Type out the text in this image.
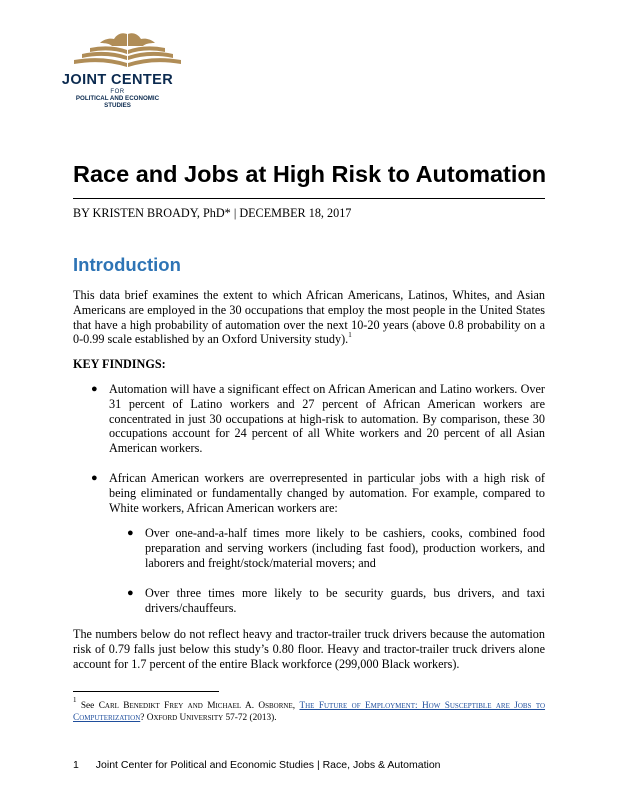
JOINT CENTER
FOR
POLITICAL AND ECONOMIC
STUDIES
Race and Jobs at High Risk to Automation
BY KRISTEN BROADY, PhD* | DECEMBER 18, 2017
Introduction

This data brief examines the extent to which African Americans, Latinos, Whites, and Asian Americans are employed in the 30 occupations that employ the most people in the United States that have a high probability of automation over the next 10-20 years (above 0.8 probability on a 0-0.99 scale established by an Oxford University study).$^1$

KEY FINDINGS:

● Automation will have a significant effect on African American and Latino workers. Over 31 percent of Latino workers and 27 percent of African American workers are concentrated in just 30 occupations at high-risk to automation. By comparison, these 30 occupations account for 24 percent of all White workers and 20 percent of all Asian American workers.
● African American workers are overrepresented in particular jobs with a high risk of being eliminated or fundamentally changed by automation. For example, compared to White workers, African American workers are:
● Over one-and-a-half times more likely to be cashiers, cooks, combined food preparation and serving workers (including fast food), production workers, and laborers and freight/stock/material movers; and
● Over three times more likely to be security guards, bus drivers, and taxi drivers/chauffeurs.

The numbers below do not reflect heavy and tractor-trailer truck drivers because the automation risk of 0.79 falls just below this study’s 0.80 floor. Heavy and tractor-trailer truck drivers alone account for 1.7 percent of the entire Black workforce (299,000 Black workers).

$^1$ See Carl Benedikt Frey and Michael A. Osborne, The Future of Employment: How Susceptible are Jobs to Computerization? Oxford University 57-72 (2013).

1 Joint Center for Political and Economic Studies | Race, Jobs & Automation
